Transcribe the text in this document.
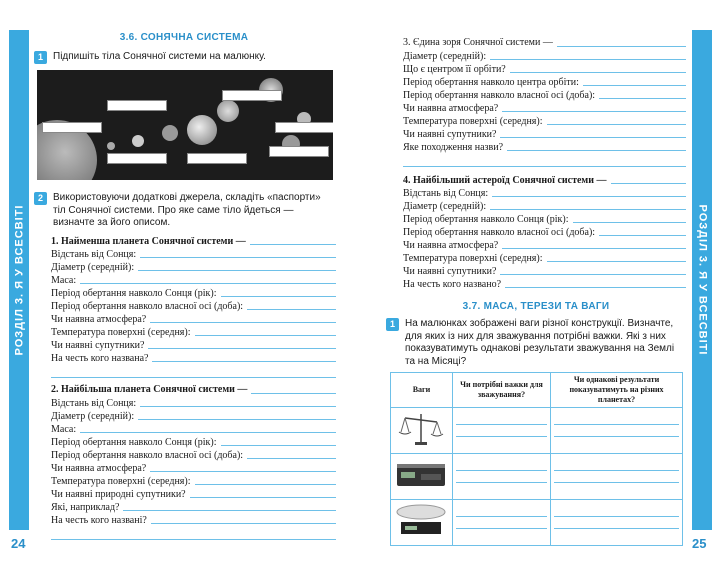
РОЗДІЛ 3. Я У ВСЕСВІТІ	РОЗДІЛ 3. Я У ВСЕСВІТІ
24	25
3.6. СОНЯЧНА СИСТЕМА
1	Підпишіть тіла Сонячної системи на малюнку.
2	Використовуючи додаткові джерела, складіть «паспорти» тіл Сонячної системи. Про яке саме тіло йдеться — визначте за його описом.
1. Найменша планета Сонячної системи —
Відстань від Сонця:
Діаметр (середній):
Маса:
Період обертання навколо Сонця (рік):
Період обертання навколо власної осі (доба):
Чи наявна атмосфера?
Температура поверхні (середня):
Чи наявні супутники?
На честь кого названа?
2. Найбільша планета Сонячної системи —
Відстань від Сонця:
Діаметр (середній):
Маса:
Період обертання навколо Сонця (рік):
Період обертання навколо власної осі (доба):
Чи наявна атмосфера?
Температура поверхні (середня):
Чи наявні природні супутники?
Які, наприклад?
На честь кого названі?
3. Єдина зоря Сонячної системи —
Діаметр (середній):
Що є центром її орбіти?
Період обертання навколо центра орбіти:
Період обертання навколо власної осі (доба):
Чи наявна атмосфера?
Температура поверхні (середня):
Чи наявні супутники?
Яке походження назви?
4. Найбільший астероїд Сонячної системи —
Відстань від Сонця:
Діаметр (середній):
Період обертання навколо Сонця (рік):
Період обертання навколо власної осі (доба):
Чи наявна атмосфера?
Температура поверхні (середня):
Чи наявні супутники?
На честь кого названо?
3.7. МАСА, ТЕРЕЗИ ТА ВАГИ
1	На малюнках зображені ваги різної конструкції. Визначте, для яких із них для зважування потрібні важки. Які з них показуватимуть однакові результати зважування на Землі та на Місяці?
Ваги	Чи потрібні важки для зважування?	Чи однакові результати показуватимуть на різних планетах?
